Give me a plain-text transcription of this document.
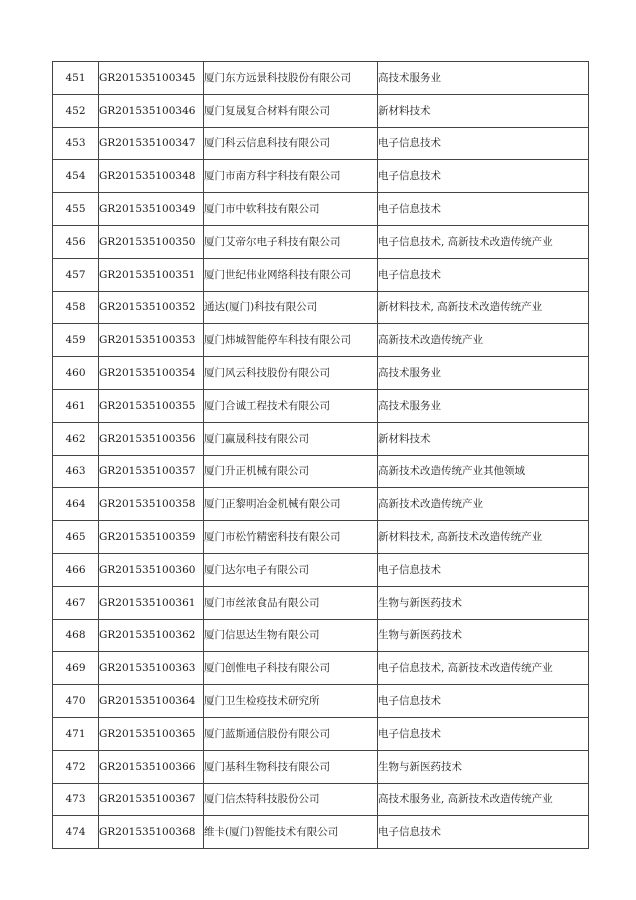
451	GR201535100345	厦门东方远景科技股份有限公司	高技术服务业
452	GR201535100346	厦门复晟复合材料有限公司	新材料技术
453	GR201535100347	厦门科云信息科技有限公司	电子信息技术
454	GR201535100348	厦门市南方科宇科技有限公司	电子信息技术
455	GR201535100349	厦门市中软科技有限公司	电子信息技术
456	GR201535100350	厦门艾帝尔电子科技有限公司	电子信息技术, 高新技术改造传统产业
457	GR201535100351	厦门世纪伟业网络科技有限公司	电子信息技术
458	GR201535100352	通达(厦门)科技有限公司	新材料技术, 高新技术改造传统产业
459	GR201535100353	厦门炜城智能停车科技有限公司	高新技术改造传统产业
460	GR201535100354	厦门风云科技股份有限公司	高技术服务业
461	GR201535100355	厦门合诚工程技术有限公司	高技术服务业
462	GR201535100356	厦门赢晟科技有限公司	新材料技术
463	GR201535100357	厦门升正机械有限公司	高新技术改造传统产业其他领域
464	GR201535100358	厦门正黎明冶金机械有限公司	高新技术改造传统产业
465	GR201535100359	厦门市松竹精密科技有限公司	新材料技术, 高新技术改造传统产业
466	GR201535100360	厦门达尔电子有限公司	电子信息技术
467	GR201535100361	厦门市丝浓食品有限公司	生物与新医药技术
468	GR201535100362	厦门信思达生物有限公司	生物与新医药技术
469	GR201535100363	厦门创惟电子科技有限公司	电子信息技术, 高新技术改造传统产业
470	GR201535100364	厦门卫生检疫技术研究所	电子信息技术
471	GR201535100365	厦门蓝斯通信股份有限公司	电子信息技术
472	GR201535100366	厦门基科生物科技有限公司	生物与新医药技术
473	GR201535100367	厦门信杰特科技股份公司	高技术服务业, 高新技术改造传统产业
474	GR201535100368	维卡(厦门)智能技术有限公司	电子信息技术
